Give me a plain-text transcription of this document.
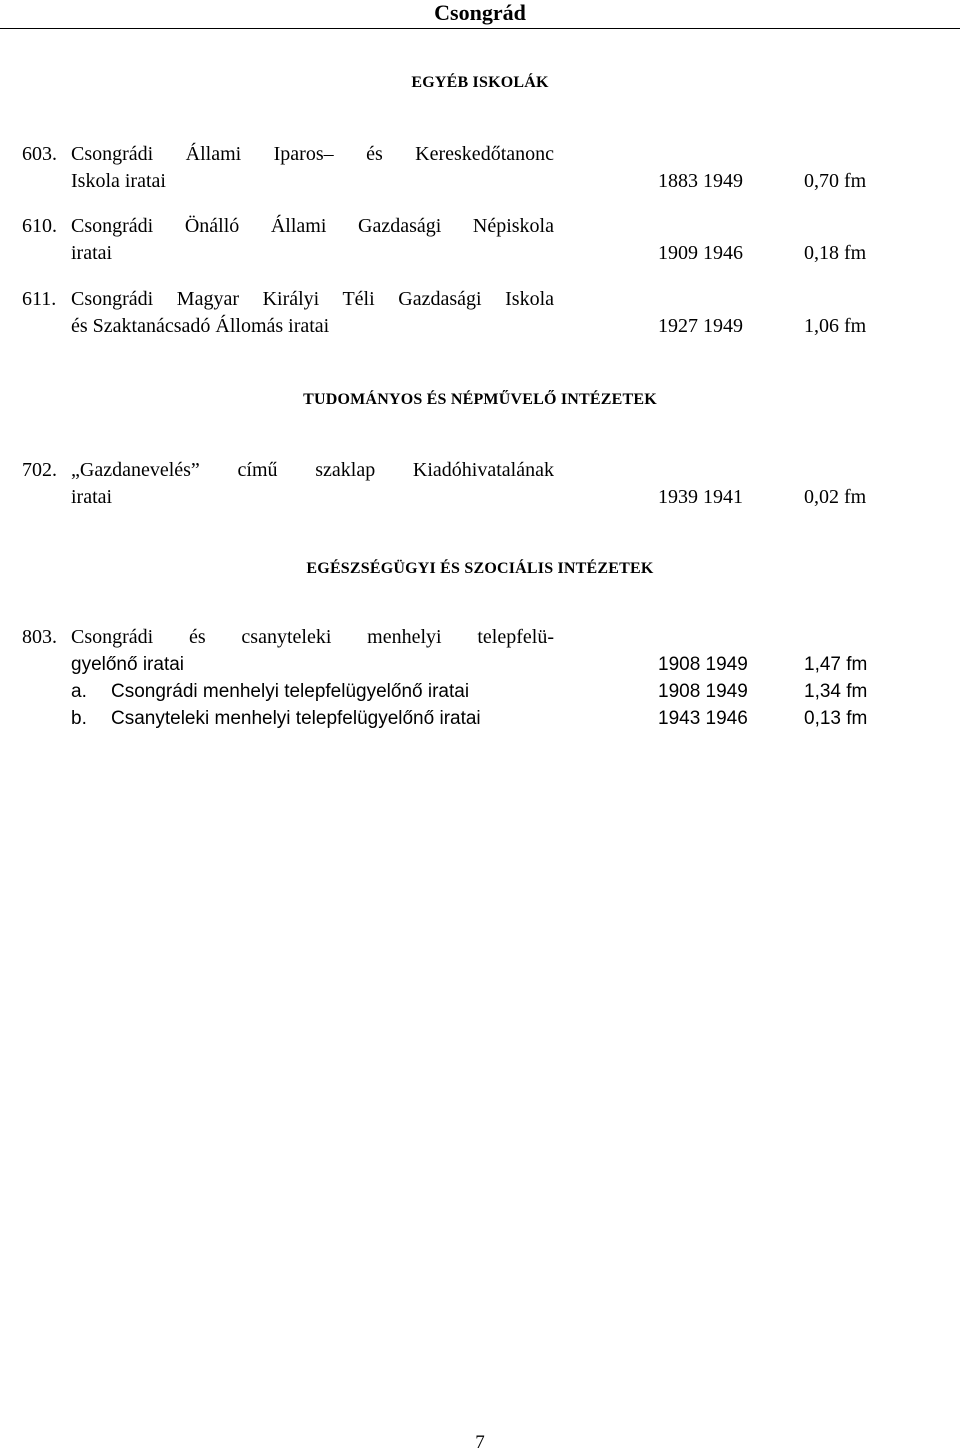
Csongrád
EGYÉB ISKOLÁK
603. Csongrádi Állami Iparos– és Kereskedőtanonc
Iskola iratai	1883 1949	0,70 fm
610. Csongrádi Önálló Állami Gazdasági Népiskola
iratai	1909 1946	0,18 fm
611. Csongrádi Magyar Királyi Téli Gazdasági Iskola
és Szaktanácsadó Állomás iratai	1927 1949	1,06 fm
TUDOMÁNYOS ÉS NÉPMŰVELŐ INTÉZETEK
702. „Gazdanevelés” című szaklap Kiadóhivatalának
iratai	1939 1941	0,02 fm
EGÉSZSÉGÜGYI ÉS SZOCIÁLIS INTÉZETEK
803. Csongrádi és csanyteleki menhelyi telepfelü-
gyelőnő iratai	1908 1949	1,47 fm
a. Csongrádi menhelyi telepfelügyelőnő iratai	1908 1949	1,34 fm
b. Csanyteleki menhelyi telepfelügyelőnő iratai	1943 1946	0,13 fm
7
